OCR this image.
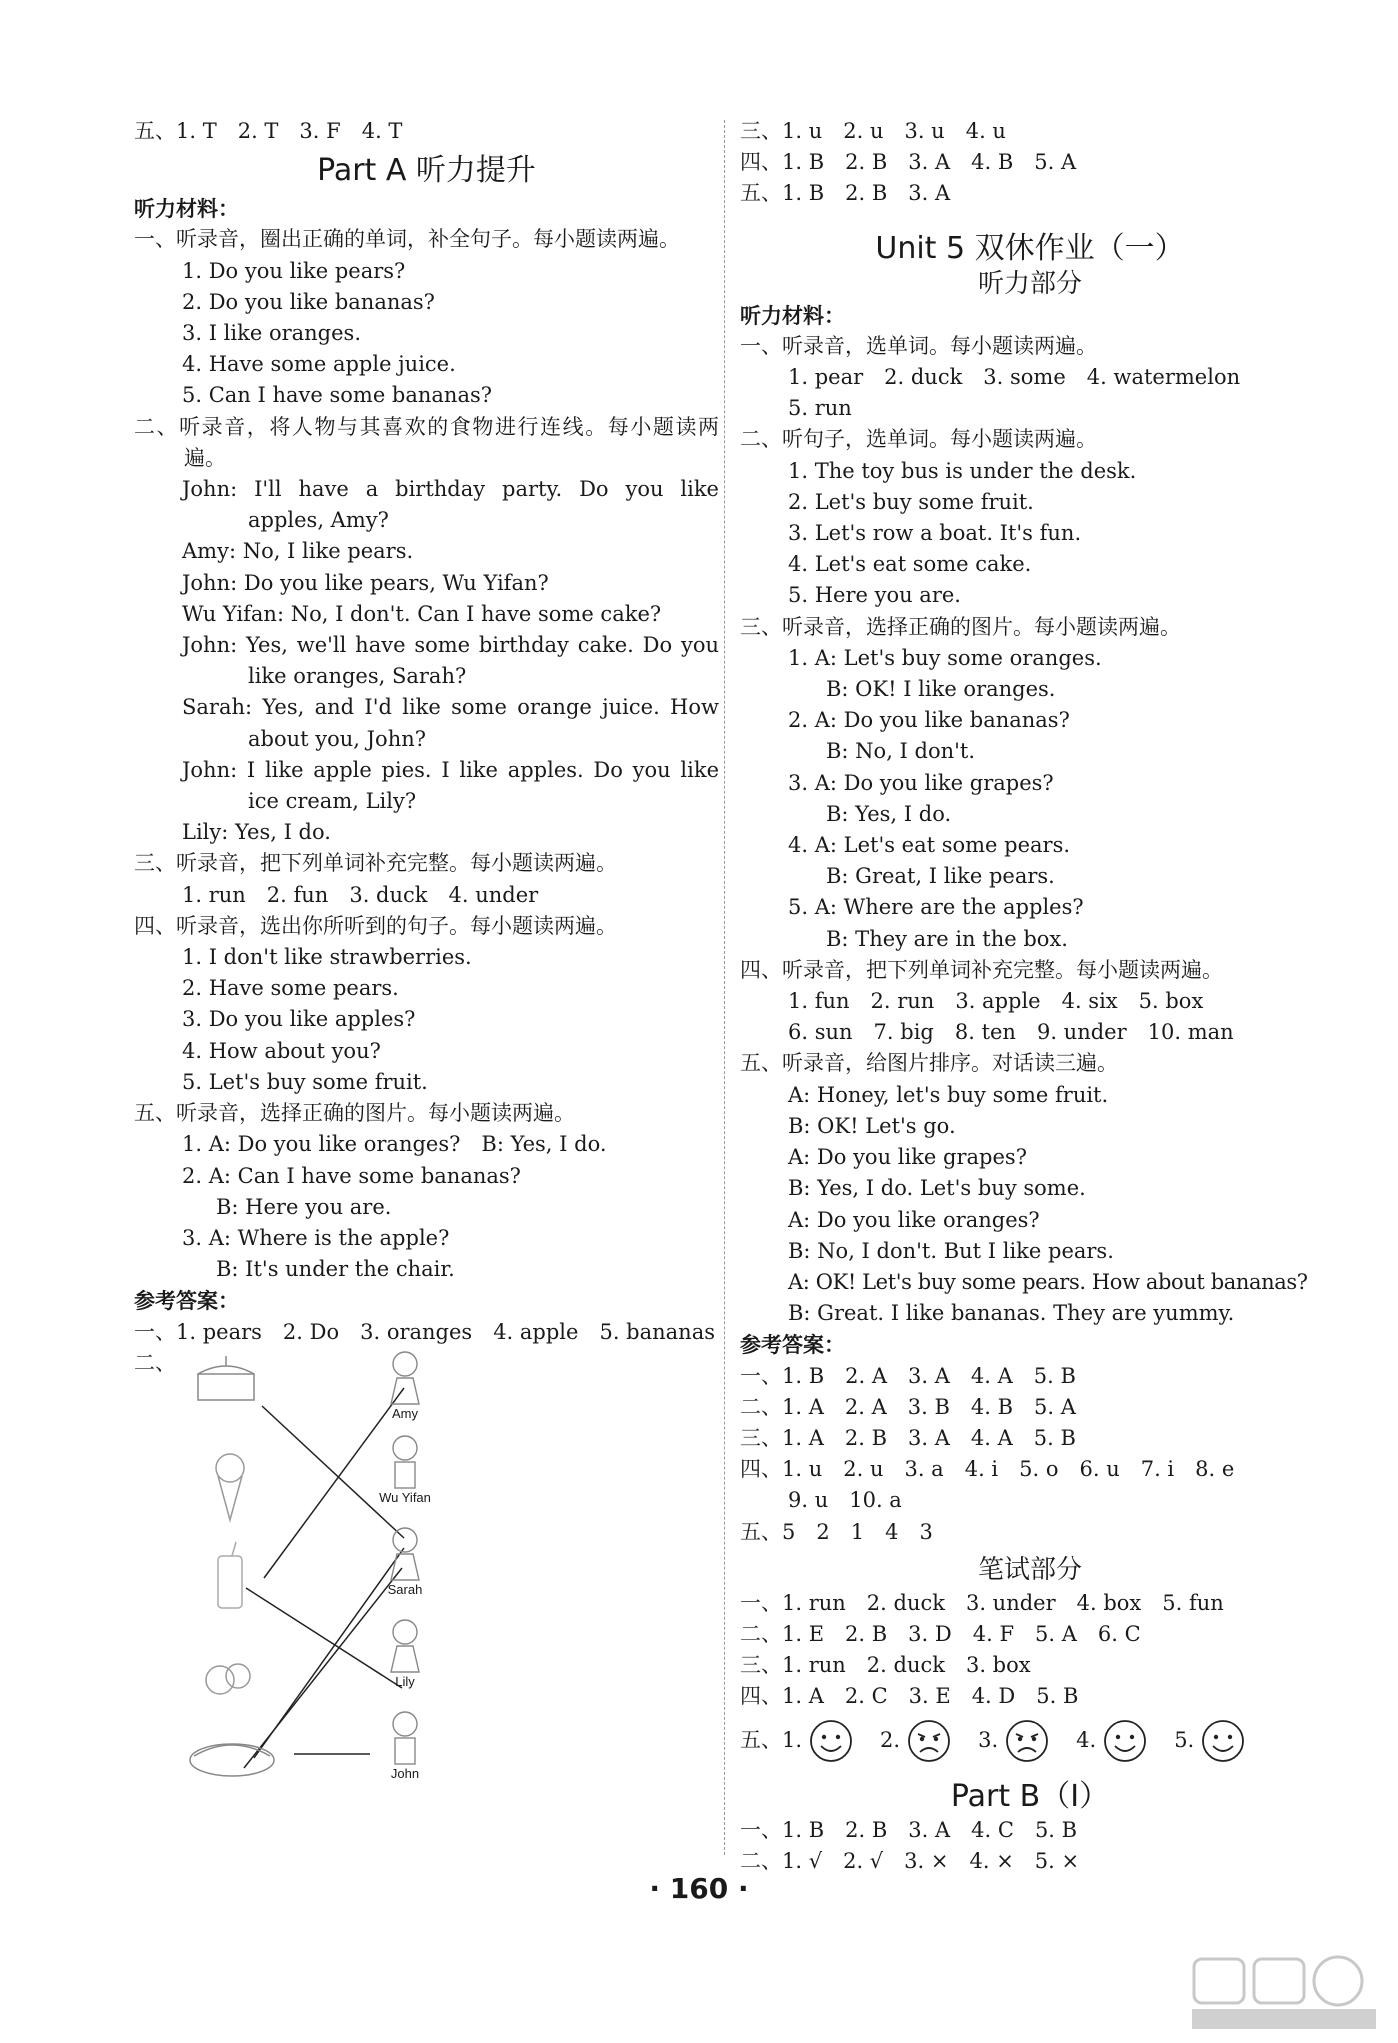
五、1. T　2. T　3. F　4. T
Part A 听力提升
听力材料：
一、听录音，圈出正确的单词，补全句子。每小题读两遍。
1. Do you like pears?
2. Do you like bananas?
3. I like oranges.
4. Have some apple juice.
5. Can I have some bananas?
二、听录音，将人物与其喜欢的食物进行连线。每小题读两遍。
John: I'll have a birthday party. Do you like apples, Amy?
Amy: No, I like pears.
John: Do you like pears, Wu Yifan?
Wu Yifan: No, I don't. Can I have some cake?
John: Yes, we'll have some birthday cake. Do you like oranges, Sarah?
Sarah: Yes, and I'd like some orange juice. How about you, John?
John: I like apple pies. I like apples. Do you like ice cream, Lily?
Lily: Yes, I do.
三、听录音，把下列单词补充完整。每小题读两遍。
1. run　2. fun　3. duck　4. under
四、听录音，选出你所听到的句子。每小题读两遍。
1. I don't like strawberries.
2. Have some pears.
3. Do you like apples?
4. How about you?
5. Let's buy some fruit.
五、听录音，选择正确的图片。每小题读两遍。
1. A: Do you like oranges?　B: Yes, I do.
2. A: Can I have some bananas?
B: Here you are.
3. A: Where is the apple?
B: It's under the chair.
参考答案：
一、1. pears　2. Do　3. oranges　4. apple　5. bananas
二、
Amy
Wu Yifan
Sarah
Lily
John
三、1. u　2. u　3. u　4. u
四、1. B　2. B　3. A　4. B　5. A
五、1. B　2. B　3. A
Unit 5 双休作业（一）
听力部分
听力材料：
一、听录音，选单词。每小题读两遍。
1. pear　2. duck　3. some　4. watermelon
5. run
二、听句子，选单词。每小题读两遍。
1. The toy bus is under the desk.
2. Let's buy some fruit.
3. Let's row a boat. It's fun.
4. Let's eat some cake.
5. Here you are.
三、听录音，选择正确的图片。每小题读两遍。
1. A: Let's buy some oranges.
B: OK! I like oranges.
2. A: Do you like bananas?
B: No, I don't.
3. A: Do you like grapes?
B: Yes, I do.
4. A: Let's eat some pears.
B: Great, I like pears.
5. A: Where are the apples?
B: They are in the box.
四、听录音，把下列单词补充完整。每小题读两遍。
1. fun　2. run　3. apple　4. six　5. box
6. sun　7. big　8. ten　9. under　10. man
五、听录音，给图片排序。对话读三遍。
A: Honey, let's buy some fruit.
B: OK! Let's go.
A: Do you like grapes?
B: Yes, I do. Let's buy some.
A: Do you like oranges?
B: No, I don't. But I like pears.
A: OK! Let's buy some pears. How about bananas?
B: Great. I like bananas. They are yummy.
参考答案：
一、1. B　2. A　3. A　4. A　5. B
二、1. A　2. A　3. B　4. B　5. A
三、1. A　2. B　3. A　4. A　5. B
四、1. u　2. u　3. a　4. i　5. o　6. u　7. i　8. e
9. u　10. a
五、5　2　1　4　3
笔试部分
一、1. run　2. duck　3. under　4. box　5. fun
二、1. E　2. B　3. D　4. F　5. A　6. C
三、1. run　2. duck　3. box
四、1. A　2. C　3. E　4. D　5. B
五、 1.	2.	3.	4.	5.
Part B（Ⅰ）
一、1. B　2. B　3. A　4. C　5. B
二、1. √　2. √　3. ×　4. ×　5. ×
· 160 ·
